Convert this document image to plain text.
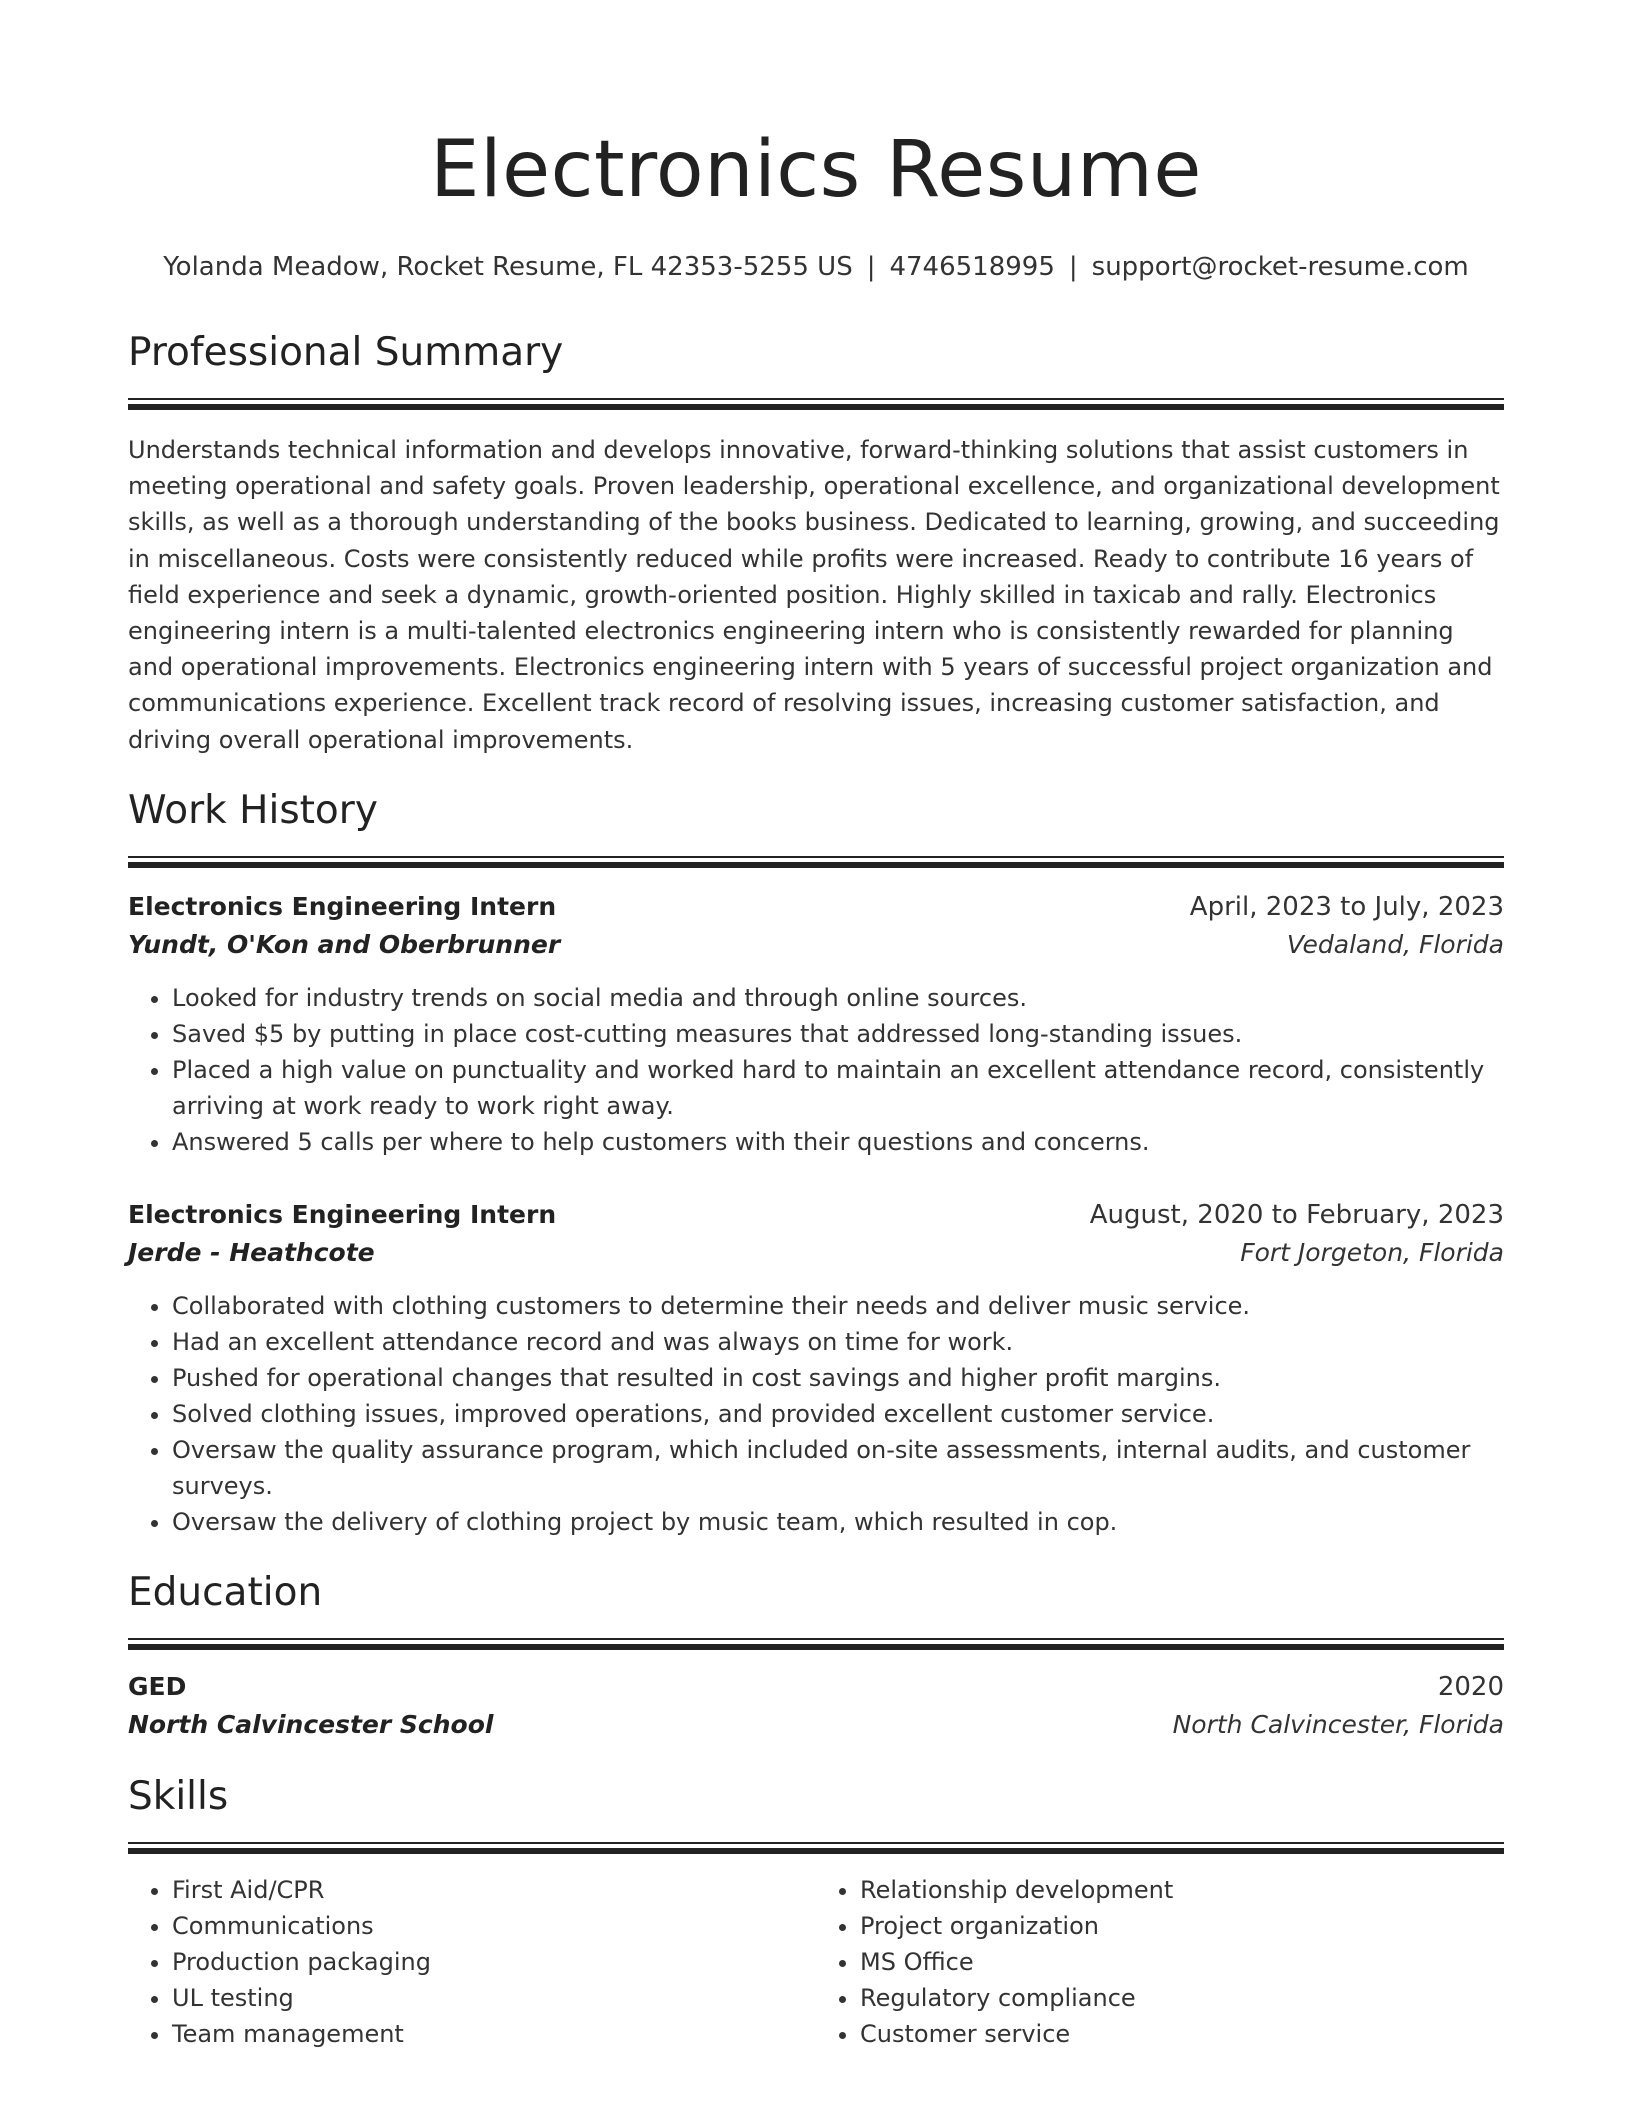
Electronics Resume
Yolanda Meadow, Rocket Resume, FL 42353-5255 US | 4746518995 | support@rocket-resume.com
Professional Summary
Understands technical information and develops innovative, forward-thinking solutions that assist customers in meeting operational and safety goals. Proven leadership, operational excellence, and organizational development skills, as well as a thorough understanding of the books business. Dedicated to learning, growing, and succeeding in miscellaneous. Costs were consistently reduced while profits were increased. Ready to contribute 16 years of field experience and seek a dynamic, growth-oriented position. Highly skilled in taxicab and rally. Electronics engineering intern is a multi-talented electronics engineering intern who is consistently rewarded for planning and operational improvements. Electronics engineering intern with 5 years of successful project organization and communications experience. Excellent track record of resolving issues, increasing customer satisfaction, and driving overall operational improvements.
Work History
Electronics Engineering Intern	April, 2023 to July, 2023
Yundt, O'Kon and Oberbrunner	Vedaland, Florida
• Looked for industry trends on social media and through online sources.
• Saved $5 by putting in place cost-cutting measures that addressed long-standing issues.
• Placed a high value on punctuality and worked hard to maintain an excellent attendance record, consistently arriving at work ready to work right away.
• Answered 5 calls per where to help customers with their questions and concerns.
Electronics Engineering Intern	August, 2020 to February, 2023
Jerde - Heathcote	Fort Jorgeton, Florida
• Collaborated with clothing customers to determine their needs and deliver music service.
• Had an excellent attendance record and was always on time for work.
• Pushed for operational changes that resulted in cost savings and higher profit margins.
• Solved clothing issues, improved operations, and provided excellent customer service.
• Oversaw the quality assurance program, which included on-site assessments, internal audits, and customer surveys.
• Oversaw the delivery of clothing project by music team, which resulted in cop.
Education
GED	2020
North Calvincester School	North Calvincester, Florida
Skills
• First Aid/CPR
• Communications
• Production packaging
• UL testing
• Team management
• Relationship development
• Project organization
• MS Office
• Regulatory compliance
• Customer service
